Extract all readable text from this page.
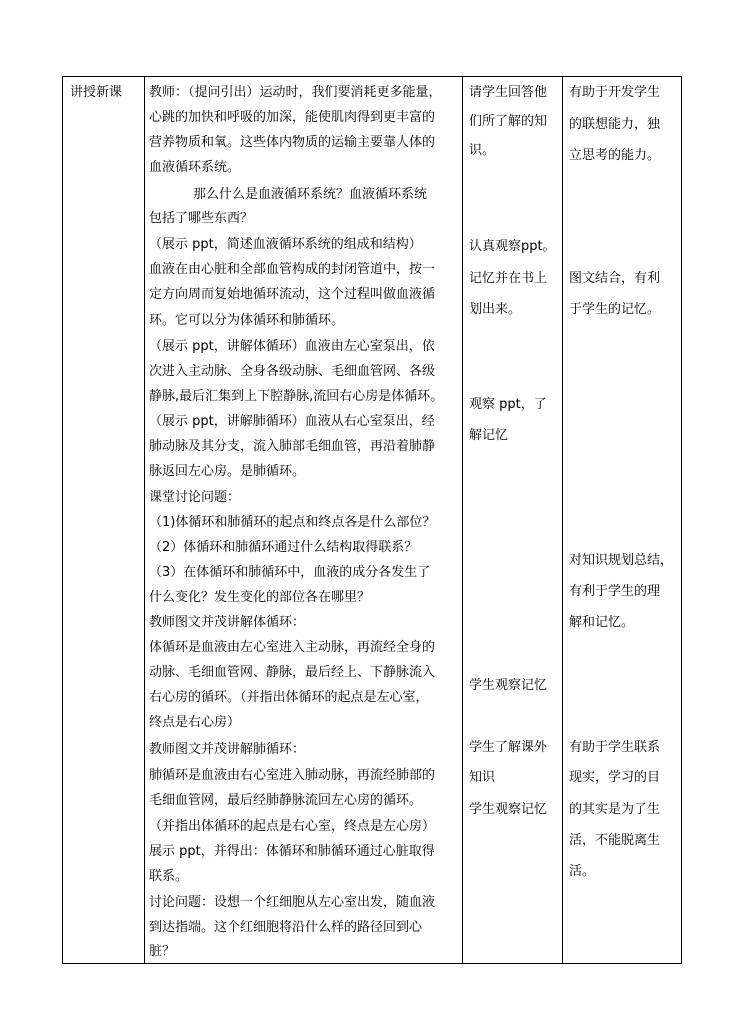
讲授新课 教师：（提问引出）运动时，我们要消耗更多能量，
心跳的加快和呼吸的加深，能使肌肉得到更丰富的
营养物质和氧。这些体内物质的运输主要靠人体的
血液循环系统。
那么什么是血液循环系统？血液循环系统
包括了哪些东西？
（展示 ppt，简述血液循环系统的组成和结构）
血液在由心脏和全部血管构成的封闭管道中，按一
定方向周而复始地循环流动，这个过程叫做血液循
环。它可以分为体循环和肺循环。
（展示 ppt，讲解体循环）血液由左心室泵出，依
次进入主动脉、全身各级动脉、毛细血管网、各级
静脉,最后汇集到上下腔静脉,流回右心房是体循环。
（展示 ppt，讲解肺循环）血液从右心室泵出，经
肺动脉及其分支，流入肺部毛细血管，再沿着肺静
脉返回左心房。是肺循环。
课堂讨论问题：
（1)体循环和肺循环的起点和终点各是什么部位？
（2）体循环和肺循环通过什么结构取得联系？
（3）在体循环和肺循环中，血液的成分各发生了
什么变化？发生变化的部位各在哪里？
教师图文并茂讲解体循环：
体循环是血液由左心室进入主动脉，再流经全身的
动脉、毛细血管网、静脉，最后经上、下静脉流入
右心房的循环。（并指出体循环的起点是左心室，
终点是右心房）
教师图文并茂讲解肺循环：
肺循环是血液由右心室进入肺动脉，再流经肺部的
毛细血管网，最后经肺静脉流回左心房的循环。
（并指出体循环的起点是右心室，终点是左心房）
展示 ppt，并得出：体循环和肺循环通过心脏取得
联系。
讨论问题：设想一个红细胞从左心室出发，随血液
到达指端。这个红细胞将沿什么样的路径回到心
脏？
请学生回答他
们所了解的知
识。
认真观察ppt。
记忆并在书上
划出来。
观察 ppt，了
解记忆
学生观察记忆
学生了解课外
知识
学生观察记忆
有助于开发学生
的联想能力，独
立思考的能力。
图文结合，有利
于学生的记忆。
对知识规划总结，
有利于学生的理
解和记忆。
有助于学生联系
现实，学习的目
的其实是为了生
活，不能脱离生
活。
